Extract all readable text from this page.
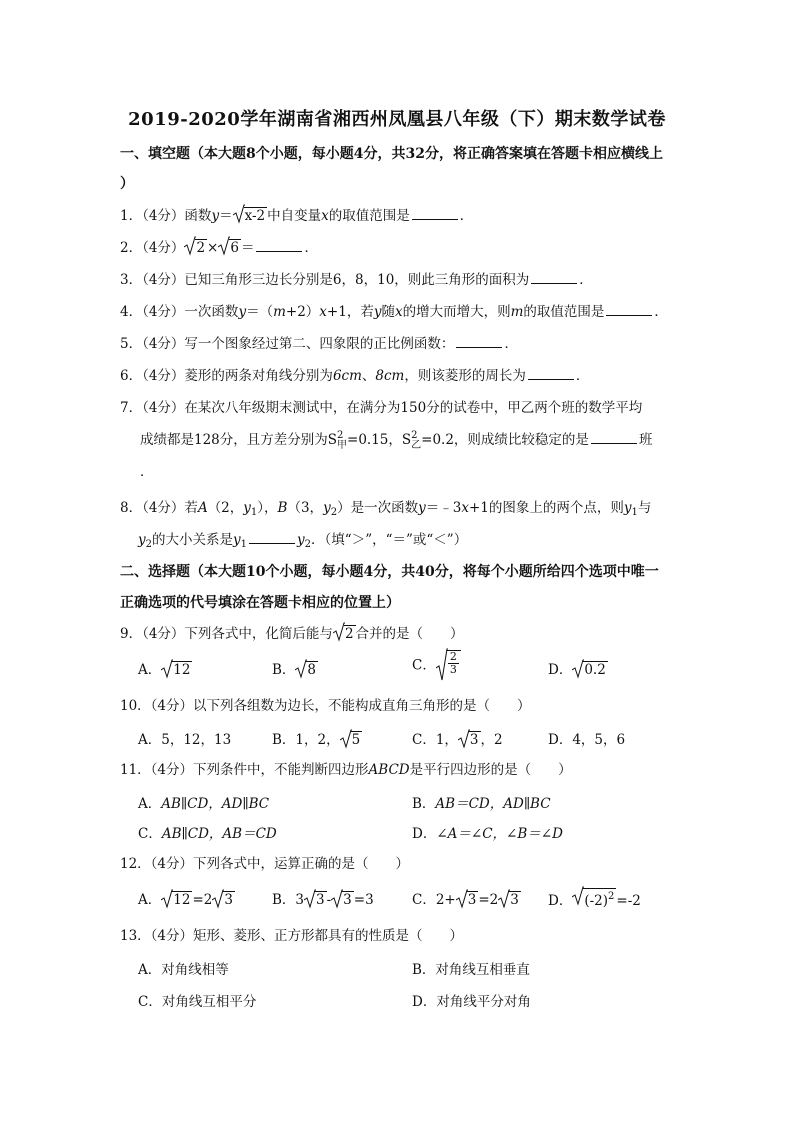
2019-2020学年湖南省湘西州凤凰县八年级（下）期末数学试卷
一、填空题（本大题8个小题，每小题4分，共32分，将正确答案填在答题卡相应横线上
）
1．（4分）函数y＝ x-2 中自变量x的取值范围是	．
2．（4分） 2 × 6 ＝	．
3．（4分）已知三角形三边长分别是6，8，10，则此三角形的面积为	．
4．（4分）一次函数y＝（m+2）x+1，若y随x的增大而增大，则m的取值范围是	．
5．（4分）写一个图象经过第二、四象限的正比例函数：	．
6．（4分）菱形的两条对角线分别为6cm、8cm，则该菱形的周长为	．
7．（4分）在某次八年级期末测试中，在满分为150分的试卷中，甲乙两个班的数学平均
成绩都是128分，且方差分别为S 2
甲 =0.15，S 2
乙 =0.2，则成绩比较稳定的是	班
．
8．（4分）若A（2，$y_1$），B（3，$y_2$）是一次函数y＝﹣3x+1的图象上的两个点，则$y_1$与
$y_2$的大小关系是$y_1$	$y_2$．（填“＞”，“＝”或“＜”）
二、选择题（本大题10个小题，每小题4分，共40分，将每个小题所给四个选项中唯一
正确选项的代号填涂在答题卡相应的位置上）
9．（4分）下列各式中，化简后能与 2 合并的是（　　）
A． 12	B． 8	C． $\frac{2}{3}$	D． 0.2
10．（4分）以下列各组数为边长，不能构成直角三角形的是（　　）
A．5，12，13	B．1，2， 5	C．1， 3 ，2	D．4，5，6
11．（4分）下列条件中，不能判断四边形ABCD是平行四边形的是（　　）
A．AB∥CD，AD∥BC	B．AB＝CD，AD∥BC
C．AB∥CD，AB＝CD	D．∠A＝∠C，∠B＝∠D
12．（4分）下列各式中，运算正确的是（　　）
A． 12 =2 3	B．3 3 - 3 =3	C．2+ 3 =2 3 D． $(-2)^2 =-2$
13．（4分）矩形、菱形、正方形都具有的性质是（　　）
A．对角线相等	B．对角线互相垂直
C．对角线互相平分	D．对角线平分对角
